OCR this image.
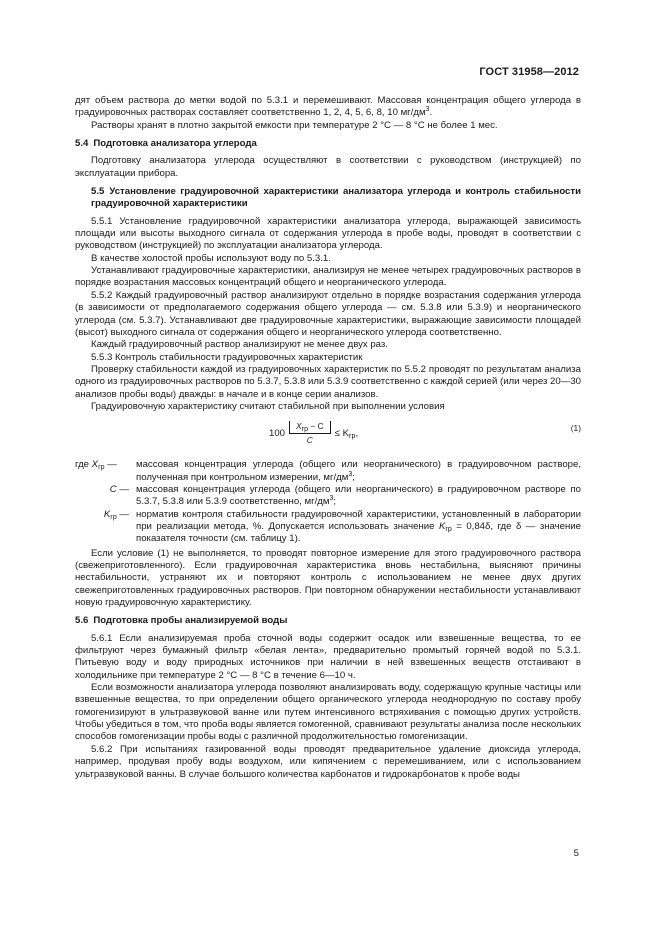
ГОСТ 31958—2012

дят объем раствора до метки водой по 5.3.1 и перемешивают. Массовая концентрация общего углерода в градуировочных растворах составляет соответственно 1, 2, 4, 5, 6, 8, 10 $мг/дм^3$.

Растворы хранят в плотно закрытой емкости при температуре 2 °С — 8 °С не более 1 мес.

5.4 Подготовка анализатора углерода

Подготовку анализатора углерода осуществляют в соответствии с руководством (инструкцией) по эксплуатации прибора.

5.5 Установление градуировочной характеристики анализатора углерода и контроль стабильности градуировочной характеристики

5.5.1 Установление градуировочной характеристики анализатора углерода, выражающей зависимость площади или высоты выходного сигнала от содержания углерода в пробе воды, проводят в соответствии с руководством (инструкцией) по эксплуатации анализатора углерода.

В качестве холостой пробы используют воду по 5.3.1.

Устанавливают градуировочные характеристики, анализируя не менее четырех градуировочных растворов в порядке возрастания массовых концентраций общего и неорганического углерода.

5.5.2 Каждый градуировочный раствор анализируют отдельно в порядке возрастания содержания углерода (в зависимости от предполагаемого содержания общего углерода — см. 5.3.8 или 5.3.9) и неорганического углерода (см. 5.3.7). Устанавливают две градуировочные характеристики, выражающие зависимости площадей (высот) выходного сигнала от содержания общего и неорганического углерода соответственно.

Каждый градуировочный раствор анализируют не менее двух раз.

5.5.3 Контроль стабильности градуировочных характеристик

Проверку стабильности каждой из градуировочных характеристик по 5.5.2 проводят по результатам анализа одного из градуировочных растворов по 5.3.7, 5.3.8 или 5.3.9 соответственно с каждой серией (или через 20—30 анализов пробы воды) дважды: в начале и в конце серии анализов.

Градуировочную характеристику считают стабильной при выполнении условия

$100 \frac{X_{гр} - C}{C} \le K_{гр}$,	(1)
где $X_{гр}$ —	массовая концентрация углерода (общего или неорганического) в градуировочном растворе, полученная при контрольном измерении, $мг/дм^3$;
C — массовая концентрация углерода (общего или неорганического) в градуировочном растворе по 5.3.7, 5.3.8 или 5.3.9 соответственно, $мг/дм^3$;
$K_{гр}$ — норматив контроля стабильности градуировочной характеристики, установленный в лаборатории при реализации метода, %. Допускается использовать значение $K_{гр} = 0,84\delta$, где δ — значение показателя точности (см. таблицу 1).

Если условие (1) не выполняется, то проводят повторное измерение для этого градуировочного раствора (свежеприготовленного). Если градуировочная характеристика вновь нестабильна, выясняют причины нестабильности, устраняют их и повторяют контроль с использованием не менее двух других свежеприготовленных градуировочных растворов. При повторном обнаружении нестабильности устанавливают новую градуировочную характеристику.

5.6 Подготовка пробы анализируемой воды

5.6.1 Если анализируемая проба сточной воды содержит осадок или взвешенные вещества, то ее фильтруют через бумажный фильтр «белая лента», предварительно промытый горячей водой по 5.3.1. Питьевую воду и воду природных источников при наличии в ней взвешенных веществ отстаивают в холодильнике при температуре 2 °С — 8 °С в течение 6—10 ч.

Если возможности анализатора углерода позволяют анализировать воду, содержащую крупные частицы или взвешенные вещества, то при определении общего органического углерода неоднородную по составу пробу гомогенизируют в ультразвуковой ванне или путем интенсивного встряхивания с помощью других устройств. Чтобы убедиться в том, что проба воды является гомогенной, сравнивают результаты анализа после нескольких способов гомогенизации пробы воды с различной продолжительностью гомогенизации.

5.6.2 При испытаниях газированной воды проводят предварительное удаление диоксида углерода, например, продувая пробу воды воздухом, или кипячением с перемешиванием, или с использованием ультразвуковой ванны. В случае большого количества карбонатов и гидрокарбонатов к пробе воды

5
